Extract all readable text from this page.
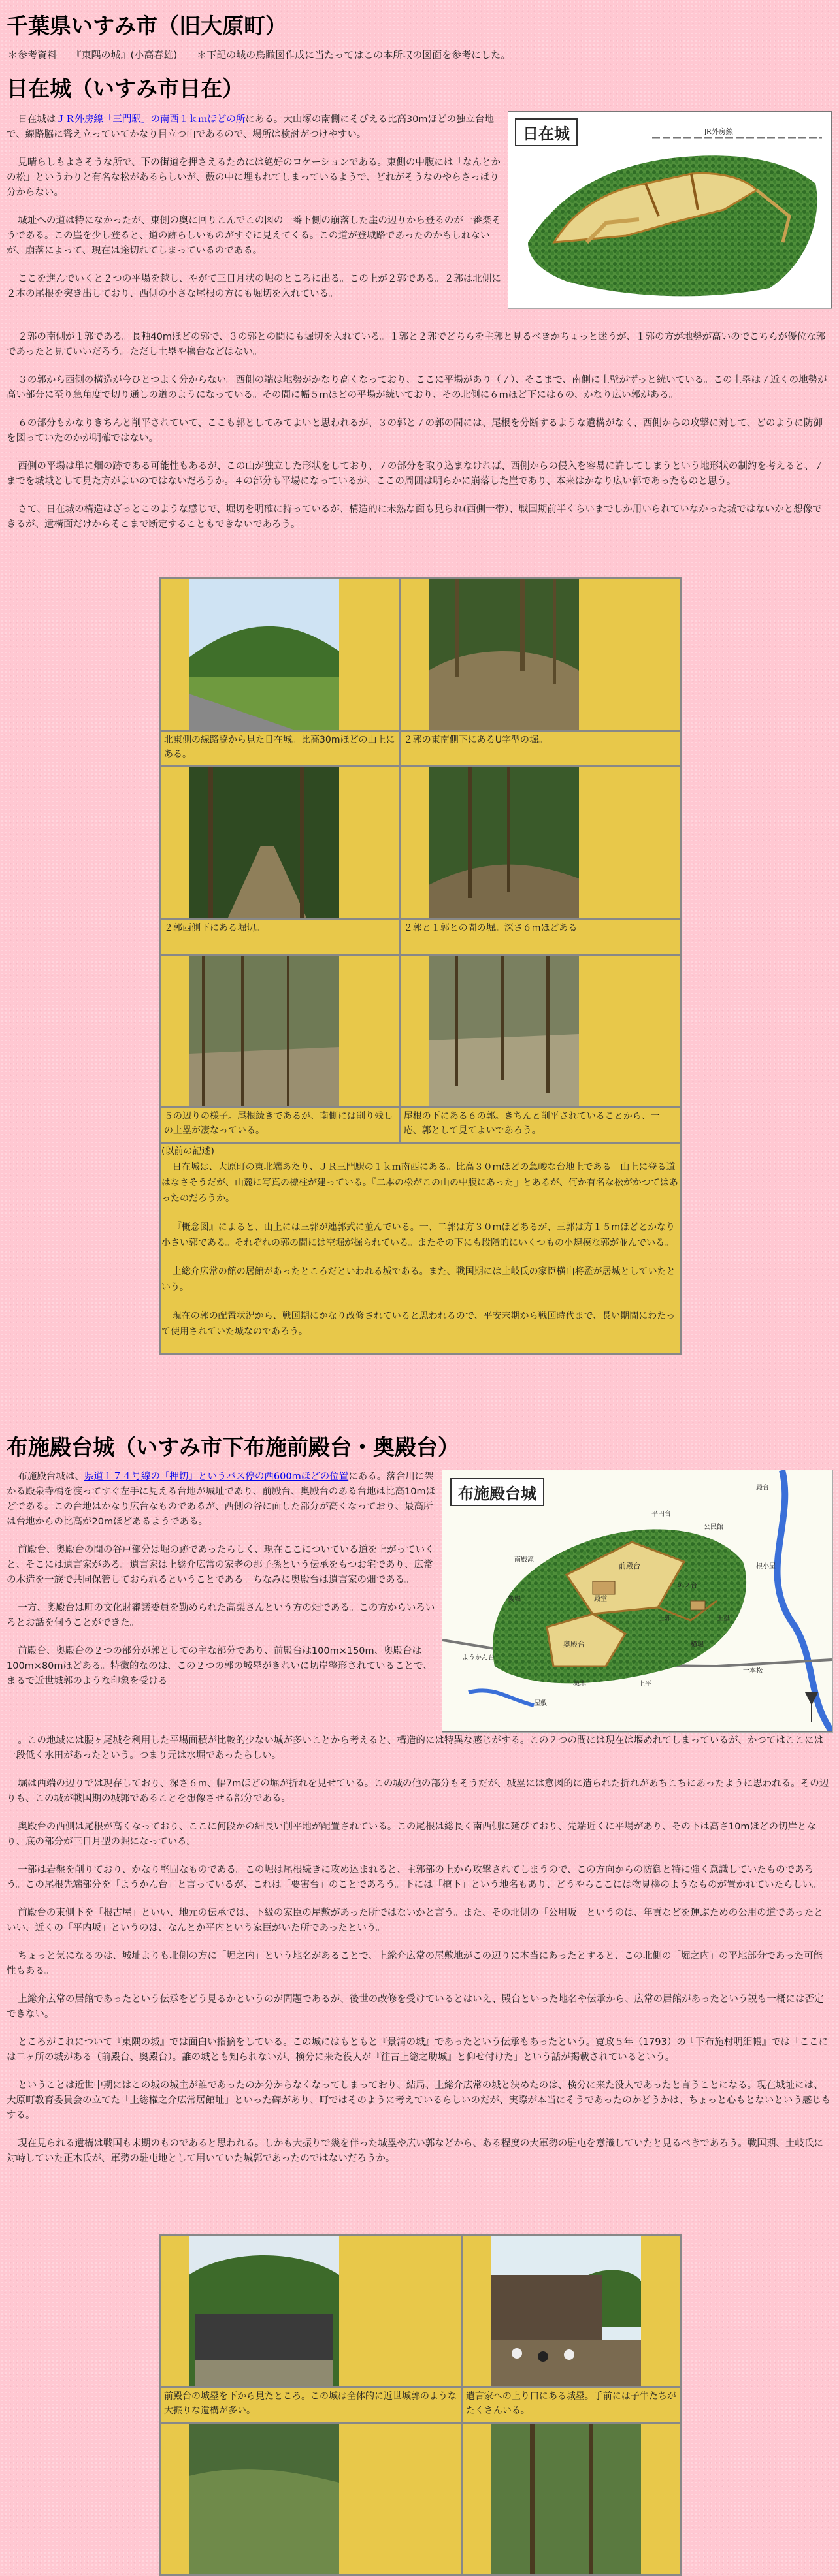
千葉県いすみ市（旧大原町）
＊参考資料　　『東隅の城』(小高春雄)　　＊下記の城の鳥瞰図作成に当たってはこの本所収の図面を参考にした。
日在城（いすみ市日在）

日在城はＪＲ外房線「三門駅」の南西１ｋｍほどの所にある。大山塚の南側にそびえる比高30mほどの独立台地で、線路脇に聳え立っていてかなり目立つ山であるので、場所は検討がつけやすい。

見晴らしもよさそうな所で、下の街道を押さえるためには絶好のロケーションである。東側の中腹には「なんとかの松」というわりと有名な松があるらしいが、藪の中に埋もれてしまっているようで、どれがそうなのやらさっぱり分からない。

城址への道は特になかったが、東側の奥に回りこんでこの図の一番下側の崩落した崖の辺りから登るのが一番楽そうである。この崖を少し登ると、道の跡らしいものがすぐに見えてくる。この道が登城路であったのかもしれないが、崩落によって、現在は途切れてしまっているのである。

ここを進んでいくと２つの平場を越し、やがて三日月状の堀のところに出る。この上が２郭である。２郭は北側に２本の尾根を突き出しており、西側の小さな尾根の方にも堀切を入れている。

JR外房線
日在城

２郭の南側が１郭である。長軸40mほどの郭で、３の郭との間にも堀切を入れている。１郭と２郭でどちらを主郭と見るべきかちょっと迷うが、１郭の方が地勢が高いのでこちらが優位な郭であったと見ていいだろう。ただし土塁や櫓台などはない。

３の郭から西側の構造が今ひとつよく分からない。西側の端は地勢がかなり高くなっており、ここに平場があり（７）、そこまで、南側に土壁がずっと続いている。この土塁は７近くの地勢が高い部分に至り急角度で切り通しの道のようになっている。その間に幅５mほどの平場が続いており、その北側に６mほど下には６の、かなり広い郭がある。

６の部分もかなりきちんと削平されていて、ここも郭としてみてよいと思われるが、３の郭と７の郭の間には、尾根を分断するような遺構がなく、西側からの攻撃に対して、どのように防御を図っていたのかが明確ではない。

西側の平場は単に畑の跡である可能性もあるが、この山が独立した形状をしており、７の部分を取り込まなければ、西側からの侵入を容易に許してしまうという地形状の制約を考えると、７までを城域として見た方がよいのではないだろうか。４の部分も平場になっているが、ここの周囲は明らかに崩落した崖であり、本来はかなり広い郭であったものと思う。

さて、日在城の構造はざっとこのような感じで、堀切を明確に持っているが、構造的に未熟な面も見られ(西側一帯）、戦国期前半くらいまでしか用いられていなかった城ではないかと想像できるが、遺構面だけからそこまで断定することもできないであろう。

北東側の線路脇から見た日在城。比高30mほどの山上にある。	２郭の東南側下にあるU字型の堀。

２郭西側下にある堀切。	２郭と１郭との間の堀。深さ６mほどある。

５の辺りの様子。尾根続きであるが、南側には削り残しの土塁が凄なっている。	尾根の下にある６の郭。きちんと削平されていることから、一応、郭として見てよいであろう。

(以前の記述)

日在城は、大原町の東北端あたり、ＪＲ三門駅の１ｋｍ南西にある。比高３０mほどの急峻な台地上である。山上に登る道はなさそうだが、山麓に写真の標柱が建っている。『二本の松がこの山の中腹にあった』とあるが、何か有名な松がかつてはあったのだろうか。

『概念図』によると、山上には三郭が連郭式に並んでいる。一、二郭は方３０mほどあるが、三郭は方１５mほどとかなり小さい郭である。それぞれの郭の間には空堀が掘られている。またその下にも段階的にいくつもの小規模な郭が並んでいる。

上総介広常の館の居館があったところだといわれる城である。また、戦国期には土岐氏の家臣横山将監が居城としていたという。

現在の郭の配置状況から、戦国期にかなり改修されていると思われるので、平安末期から戦国時代まで、長い期間にわたって使用されていた城なのであろう。	

布施殿台城（いすみ市下布施前殿台・奥殿台）

布施殿台城は、県道１７４号線の「押切」というバス停の西600mほどの位置にある。落合川に架かる殿泉寺橋を渡ってすぐ左手に見える台地が城址であり、前殿台、奥殿台のある台地は比高10mほどである。この台地はかなり広台なものであるが、西側の谷に面した部分が高くなっており、最高所は台地からの比高が20mほどあるようである。

前殿台、奥殿台の間の谷戸部分は堀の跡であったらしく、現在ここについている道を上がっていくと、そこには遺言家がある。遺言家は上総介広常の家老の那子孫という伝承をもつお宅であり、広常の木造を一族で共同保管しておられるということである。ちなみに奥殿台は遺言家の畑である。

一方、奥殿台は町の文化財審議委員を勤められた高梨さんという方の畑である。この方からいろいろとお話を伺うことができた。

前殿台、奥殿台の２つの部分が郭としての主な部分であり、前殿台は100m×150m、奥殿台は100m×80mほどある。特徴的なのは、この２つの郭の城塁がきれいに切岸整形されていることで、まるで近世城郭のような印象を受ける

殿台
平円台
公民館
前殿台
奥殿台
南殿滝
殿堂
ようかん台
横堀
上平
屋敷
土塁
後堀
郭ノ台
一本松
城木
上郭
根小屋
布施殿台城

。この地域には腰ヶ尾城を利用した平場面積が比較的少ない城が多いことから考えると、構造的には特異な感じがする。この２つの間には現在は堰めれてしまっているが、かつてはここには一段低く水田があったという。つまり元は水堀であったらしい。

堀は西端の辺りでは現存しており、深さ６m、幅7mほどの堀が折れを見せている。この城の他の部分もそうだが、城塁には意図的に造られた折れがあちこちにあったように思われる。その辺りも、この城が戦国期の城郭であることを想像させる部分である。

奥殿台の西側は尾根が高くなっており、ここに何段かの細長い削平地が配置されている。この尾根は総長く南西側に延びており、先端近くに平場があり、その下は高さ10mほどの切岸となり、底の部分が三日月型の堀になっている。

一部は岩盤を削りており、かなり堅固なものである。この堀は尾根続きに攻め込まれると、主郭部の上から攻撃されてしまうので、この方向からの防御と特に強く意識していたものであろう。この尾根先端部分を「ようかん台」と言っているが、これは「要害台」のことであろう。下には「檀下」という地名もあり、どうやらここには物見櫓のようなものが置かれていたらしい。

前殿台の東側下を「根古屋」といい、地元の伝承では、下級の家臣の屋敷があった所ではないかと言う。また、その北側の「公用坂」というのは、年貢などを運ぶための公用の道であったといい、近くの「平内坂」というのは、なんとか平内という家臣がいた所であったという。

ちょっと気になるのは、城址よりも北側の方に「堀之内」という地名があることで、上総介広常の屋敷地がこの辺りに本当にあったとすると、この北側の「堀之内」の平地部分であった可能性もある。

上総介広常の居館であったという伝承をどう見るかというのが問題であるが、後世の改修を受けているとはいえ、殿台といった地名や伝承から、広常の居館があったという説も一概には否定できない。

ところがこれについて『東隅の城』では面白い指摘をしている。この城にはもともと『景清の城』であったという伝承もあったという。寛政５年（1793）の『下布施村明細帳』では「ここには二ヶ所の城がある（前殿台、奥殿台）。誰の城とも知られないが、検分に来た役人が『往古上総之助城』と仰せ付けた」という話が掲載されているという。

ということは近世中期にはこの城の城主が誰であったのか分からなくなってしまっており、結局、上総介広常の城と決めたのは、検分に来た役人であったと言うことになる。現在城址には、大原町教育委員会の立てた「上総権之介広常居館址」といった碑があり、町ではそのように考えているらしいのだが、実際が本当にそうであったのかどうかは、ちょっと心もとないという感じもする。

現在見られる遺構は戦国も末期のものであると思われる。しかも大振りで幾を伴った城塁や広い郭などから、ある程度の大軍勢の駐屯を意識していたと見るべきであろう。戦国期、土岐氏に対峙していた正木氏が、軍勢の駐屯地として用いていた城郭であったのではないだろうか。

前殿台の城塁を下から見たところ。この城は全体的に近世城郭のような大振りな遺構が多い。	遺言家への上り口にある城塁。手前には子牛たちがたくさんいる。
